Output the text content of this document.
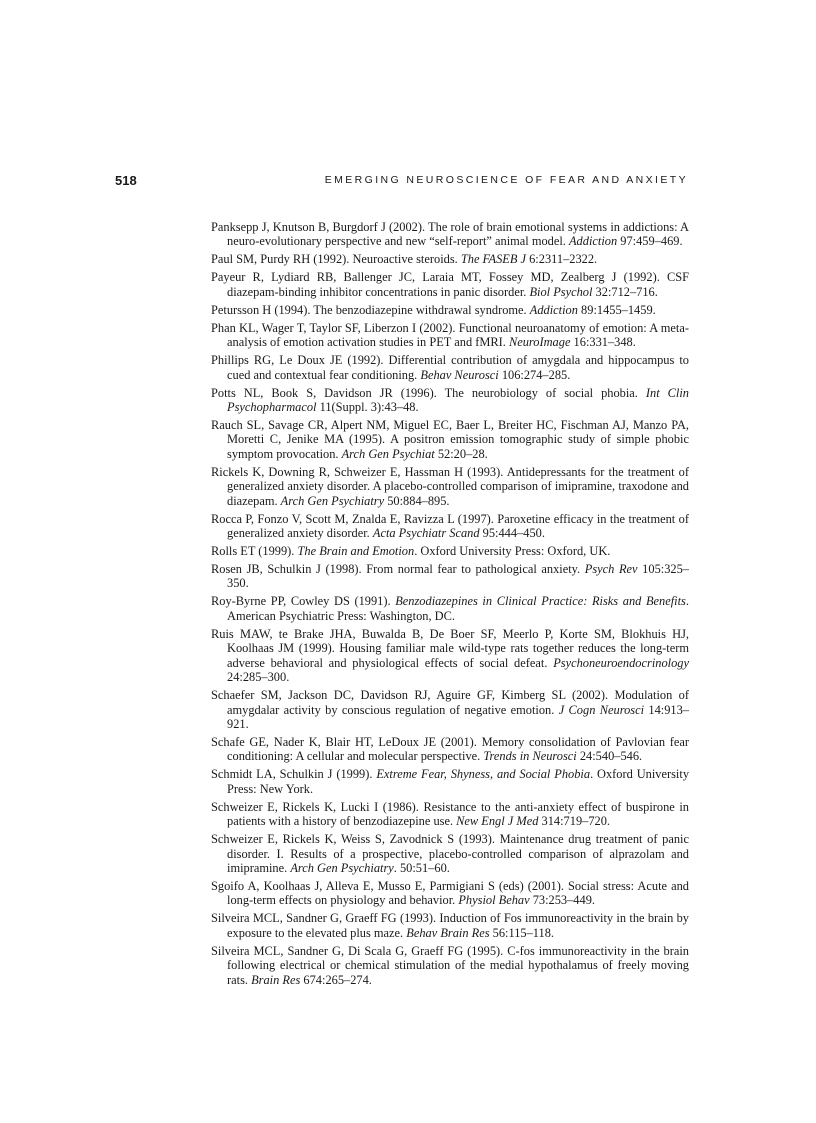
518	EMERGING NEUROSCIENCE OF FEAR AND ANXIETY
Panksepp J, Knutson B, Burgdorf J (2002). The role of brain emotional systems in addictions: A neuro-evolutionary perspective and new “self-report” animal model. Addiction 97:459–469.
Paul SM, Purdy RH (1992). Neuroactive steroids. The FASEB J 6:2311–2322.
Payeur R, Lydiard RB, Ballenger JC, Laraia MT, Fossey MD, Zealberg J (1992). CSF diazepam-binding inhibitor concentrations in panic disorder. Biol Psychol 32:712–716.
Petursson H (1994). The benzodiazepine withdrawal syndrome. Addiction 89:1455–1459.
Phan KL, Wager T, Taylor SF, Liberzon I (2002). Functional neuroanatomy of emotion: A meta-analysis of emotion activation studies in PET and fMRI. NeuroImage 16:331–348.
Phillips RG, Le Doux JE (1992). Differential contribution of amygdala and hippocampus to cued and contextual fear conditioning. Behav Neurosci 106:274–285.
Potts NL, Book S, Davidson JR (1996). The neurobiology of social phobia. Int Clin Psychopharmacol 11(Suppl. 3):43–48.
Rauch SL, Savage CR, Alpert NM, Miguel EC, Baer L, Breiter HC, Fischman AJ, Manzo PA, Moretti C, Jenike MA (1995). A positron emission tomographic study of simple phobic symptom provocation. Arch Gen Psychiat 52:20–28.
Rickels K, Downing R, Schweizer E, Hassman H (1993). Antidepressants for the treatment of generalized anxiety disorder. A placebo-controlled comparison of imipramine, traxodone and diazepam. Arch Gen Psychiatry 50:884–895.
Rocca P, Fonzo V, Scott M, Znalda E, Ravizza L (1997). Paroxetine efficacy in the treatment of generalized anxiety disorder. Acta Psychiatr Scand 95:444–450.
Rolls ET (1999). The Brain and Emotion. Oxford University Press: Oxford, UK.
Rosen JB, Schulkin J (1998). From normal fear to pathological anxiety. Psych Rev 105:325–350.
Roy-Byrne PP, Cowley DS (1991). Benzodiazepines in Clinical Practice: Risks and Benefits. American Psychiatric Press: Washington, DC.
Ruis MAW, te Brake JHA, Buwalda B, De Boer SF, Meerlo P, Korte SM, Blokhuis HJ, Koolhaas JM (1999). Housing familiar male wild-type rats together reduces the long-term adverse behavioral and physiological effects of social defeat. Psychoneuroendocrinology 24:285–300.
Schaefer SM, Jackson DC, Davidson RJ, Aguire GF, Kimberg SL (2002). Modulation of amygdalar activity by conscious regulation of negative emotion. J Cogn Neurosci 14:913–921.
Schafe GE, Nader K, Blair HT, LeDoux JE (2001). Memory consolidation of Pavlovian fear conditioning: A cellular and molecular perspective. Trends in Neurosci 24:540–546.
Schmidt LA, Schulkin J (1999). Extreme Fear, Shyness, and Social Phobia. Oxford University Press: New York.
Schweizer E, Rickels K, Lucki I (1986). Resistance to the anti-anxiety effect of buspirone in patients with a history of benzodiazepine use. New Engl J Med 314:719–720.
Schweizer E, Rickels K, Weiss S, Zavodnick S (1993). Maintenance drug treatment of panic disorder. I. Results of a prospective, placebo-controlled comparison of alprazolam and imipramine. Arch Gen Psychiatry. 50:51–60.
Sgoifo A, Koolhaas J, Alleva E, Musso E, Parmigiani S (eds) (2001). Social stress: Acute and long-term effects on physiology and behavior. Physiol Behav 73:253–449.
Silveira MCL, Sandner G, Graeff FG (1993). Induction of Fos immunoreactivity in the brain by exposure to the elevated plus maze. Behav Brain Res 56:115–118.
Silveira MCL, Sandner G, Di Scala G, Graeff FG (1995). C-fos immunoreactivity in the brain following electrical or chemical stimulation of the medial hypothalamus of freely moving rats. Brain Res 674:265–274.
